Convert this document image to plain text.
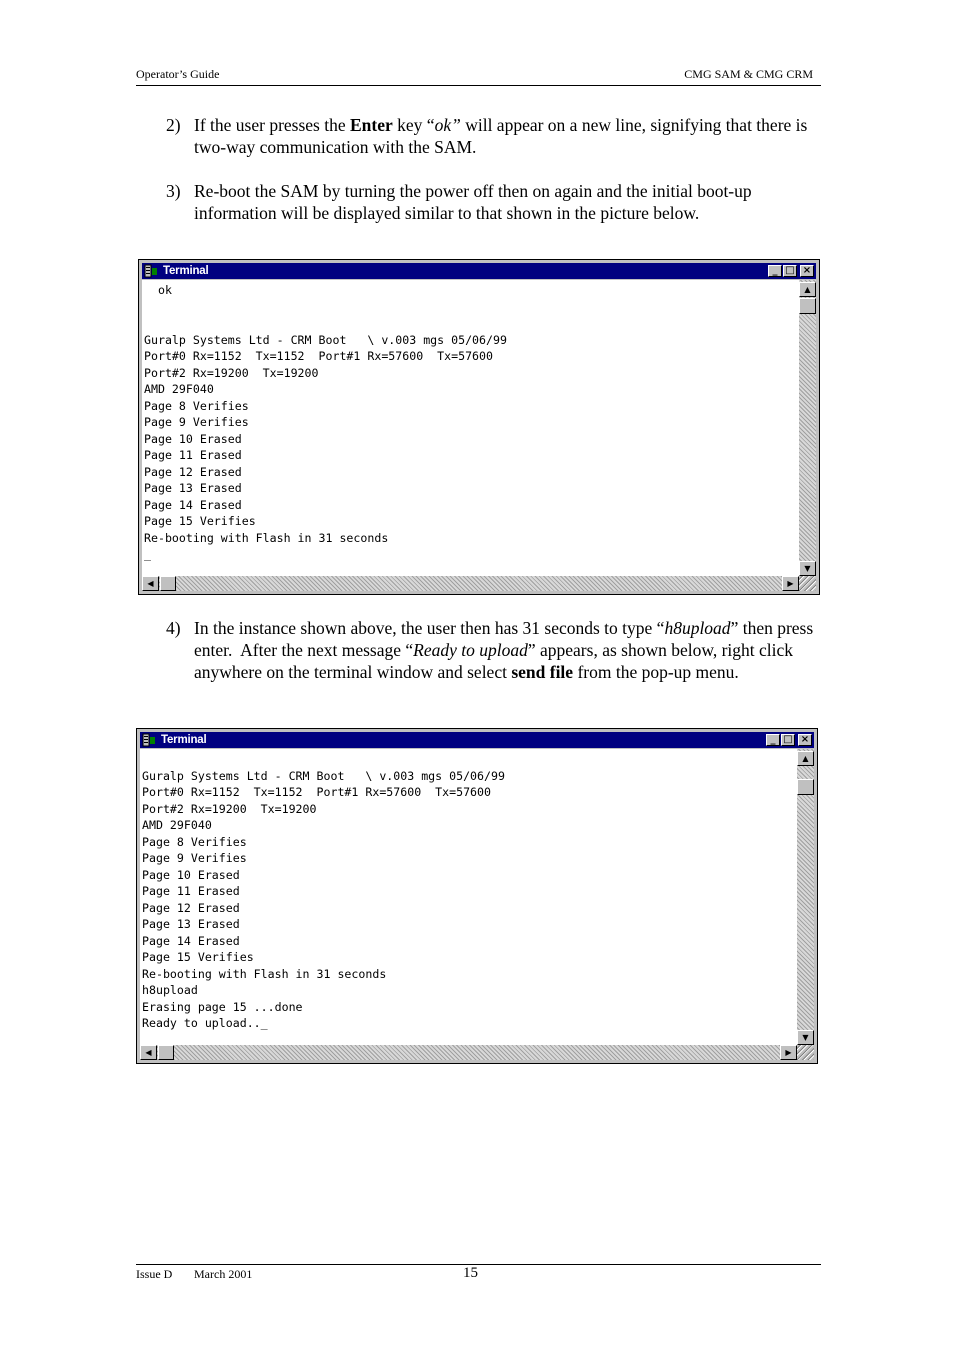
Operator’s Guide	CMG SAM & CMG CRM
2) If the user presses the Enter key “ok” will appear on a new line, signifying that there is two-way communication with the SAM.
3) Re-boot the SAM by turning the power off then on again and the initial boot-up information will be displayed similar to that shown in the picture below.
Terminal	_ □ ×
ok

Guralp Systems Ltd - CRM Boot   \ v.003 mgs 05/06/99
Port#0 Rx=1152  Tx=1152  Port#1 Rx=57600  Tx=57600
Port#2 Rx=19200  Tx=19200
AMD 29F040
Page 8 Verifies
Page 9 Verifies
Page 10 Erased
Page 11 Erased
Page 12 Erased
Page 13 Erased
Page 14 Erased
Page 15 Verifies
Re-booting with Flash in 31 seconds
_
▲
▼
◀	▶
4) In the instance shown above, the user then has 31 seconds to type “h8upload” then press enter.  After the next message “Ready to upload” appears, as shown below, right click anywhere on the terminal window and select send file from the pop-up menu.
Terminal	_ □ ×

Guralp Systems Ltd - CRM Boot   \ v.003 mgs 05/06/99
Port#0 Rx=1152  Tx=1152  Port#1 Rx=57600  Tx=57600
Port#2 Rx=19200  Tx=19200
AMD 29F040
Page 8 Verifies
Page 9 Verifies
Page 10 Erased
Page 11 Erased
Page 12 Erased
Page 13 Erased
Page 14 Erased
Page 15 Verifies
Re-booting with Flash in 31 seconds
h8upload
Erasing page 15 ...done
Ready to upload.._
▲
▼
◀	▶
Issue D March 2001	15
